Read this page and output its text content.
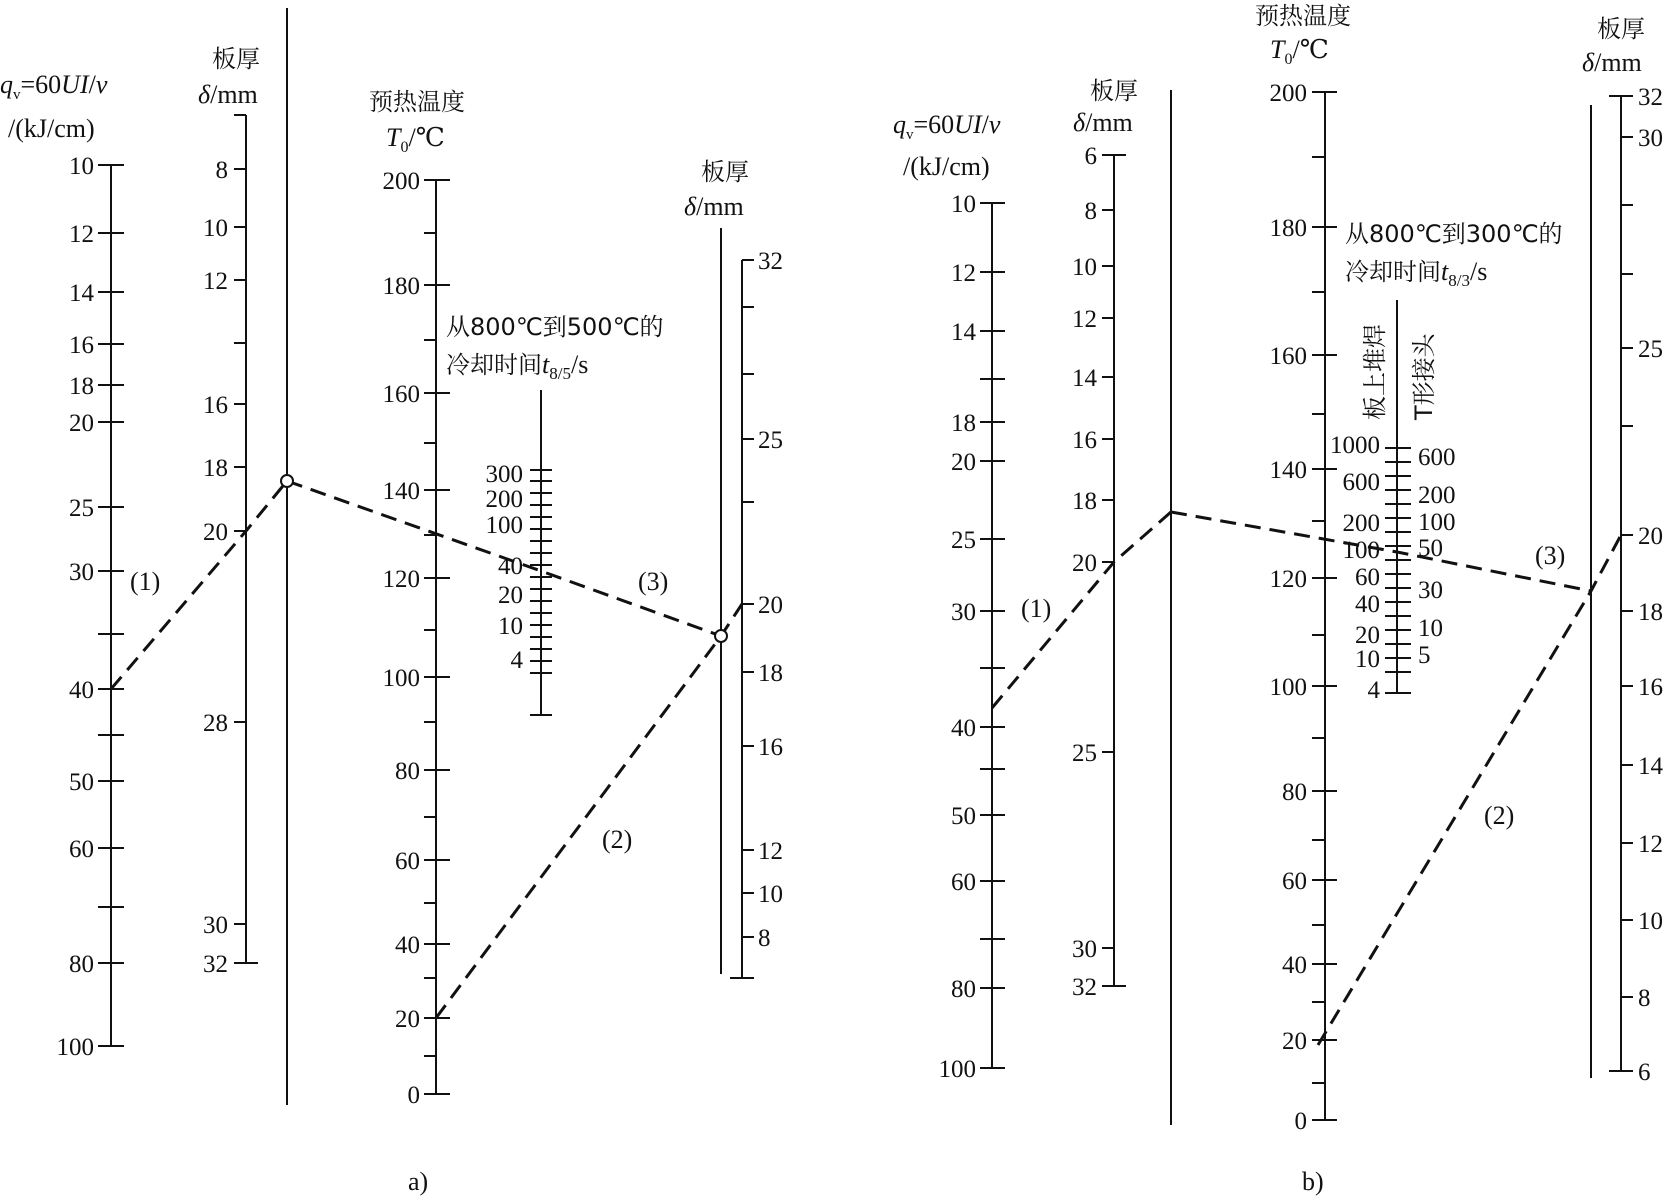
$q_v=60UI/v$
/(kJ/cm)
10
12
14
16
18
20
25
30
40
50
60
80
100
板厚
δ/mm
8
10
12
16
18
20
28
30
32
预热温度
$T_0/℃$
200
180
160
140
120
100
80
60
40
20
0
从800℃到500℃的
冷却时间t8/5/s
300
200
100
40
20
10
4
板厚
δ/mm
32
25
20
18
16
12
10
8
(1)
(2)
(3)
a)
$q_v=60UI/v$
/(kJ/cm)
10
12
14
18
20
25
30
40
50
60
80
100
板厚
δ/mm
6
8
10
12
14
16
18
20
25
30
32
预热温度
$T_0/℃$
200
180
160
140
120
100
80
60
40
20
0
从800℃到300℃的
冷却时间t8/3/s
板上堆焊 T形接头
1000
600
200
100
60
40
20
10
4
600
200
100
50
30
10
5
板厚
δ/mm
32
30
25
20
18
16
14
12
10
8
6
(1)
(2)
(3)
b)
